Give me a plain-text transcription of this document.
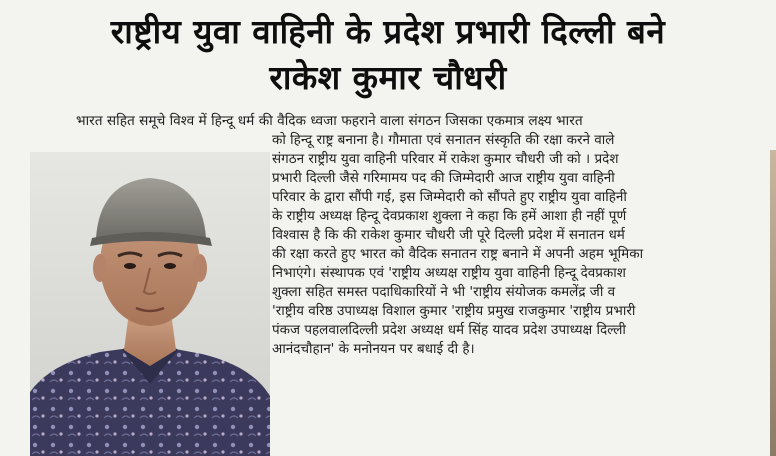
राष्ट्रीय युवा वाहिनी के प्रदेश प्रभारी दिल्ली बने
राकेश कुमार चौधरी
भारत सहित समूचे विश्व में हिन्दू धर्म की वैदिक ध्वजा फहराने वाला संगठन जिसका एकमात्र लक्ष्य भारत
को हिन्दू राष्ट्र बनाना है। गौमाता एवं सनातन संस्कृति की रक्षा करने वाले
संगठन राष्ट्रीय युवा वाहिनी परिवार में राकेश कुमार चौधरी जी को । प्रदेश
प्रभारी दिल्ली जैसे गरिमामय पद की जिम्मेदारी आज राष्ट्रीय युवा वाहिनी
परिवार के द्वारा सौंपी गई, इस जिम्मेदारी को सौंपते हुए राष्ट्रीय युवा वाहिनी
के राष्ट्रीय अध्यक्ष हिन्दू देवप्रकाश शुक्ला ने कहा कि हमें आशा ही नहीं पूर्ण
विश्वास है कि की राकेश कुमार चौधरी जी पूरे दिल्ली प्रदेश में सनातन धर्म
की रक्षा करते हुए भारत को वैदिक सनातन राष्ट्र बनाने में अपनी अहम भूमिका
निभाएंगे। संस्थापक एवं 'राष्ट्रीय अध्यक्ष राष्ट्रीय युवा वाहिनी हिन्दू देवप्रकाश
शुक्ला सहित समस्त पदाधिकारियों ने भी 'राष्ट्रीय संयोजक कमलेंद्र जी व
'राष्ट्रीय वरिष्ठ उपाध्यक्ष विशाल कुमार 'राष्ट्रीय प्रमुख राजकुमार 'राष्ट्रीय प्रभारी
पंकज पहलवालदिल्ली प्रदेश अध्यक्ष धर्म सिंह यादव प्रदेश उपाध्यक्ष दिल्ली
आनंदचौहान' के मनोनयन पर बधाई दी है।
